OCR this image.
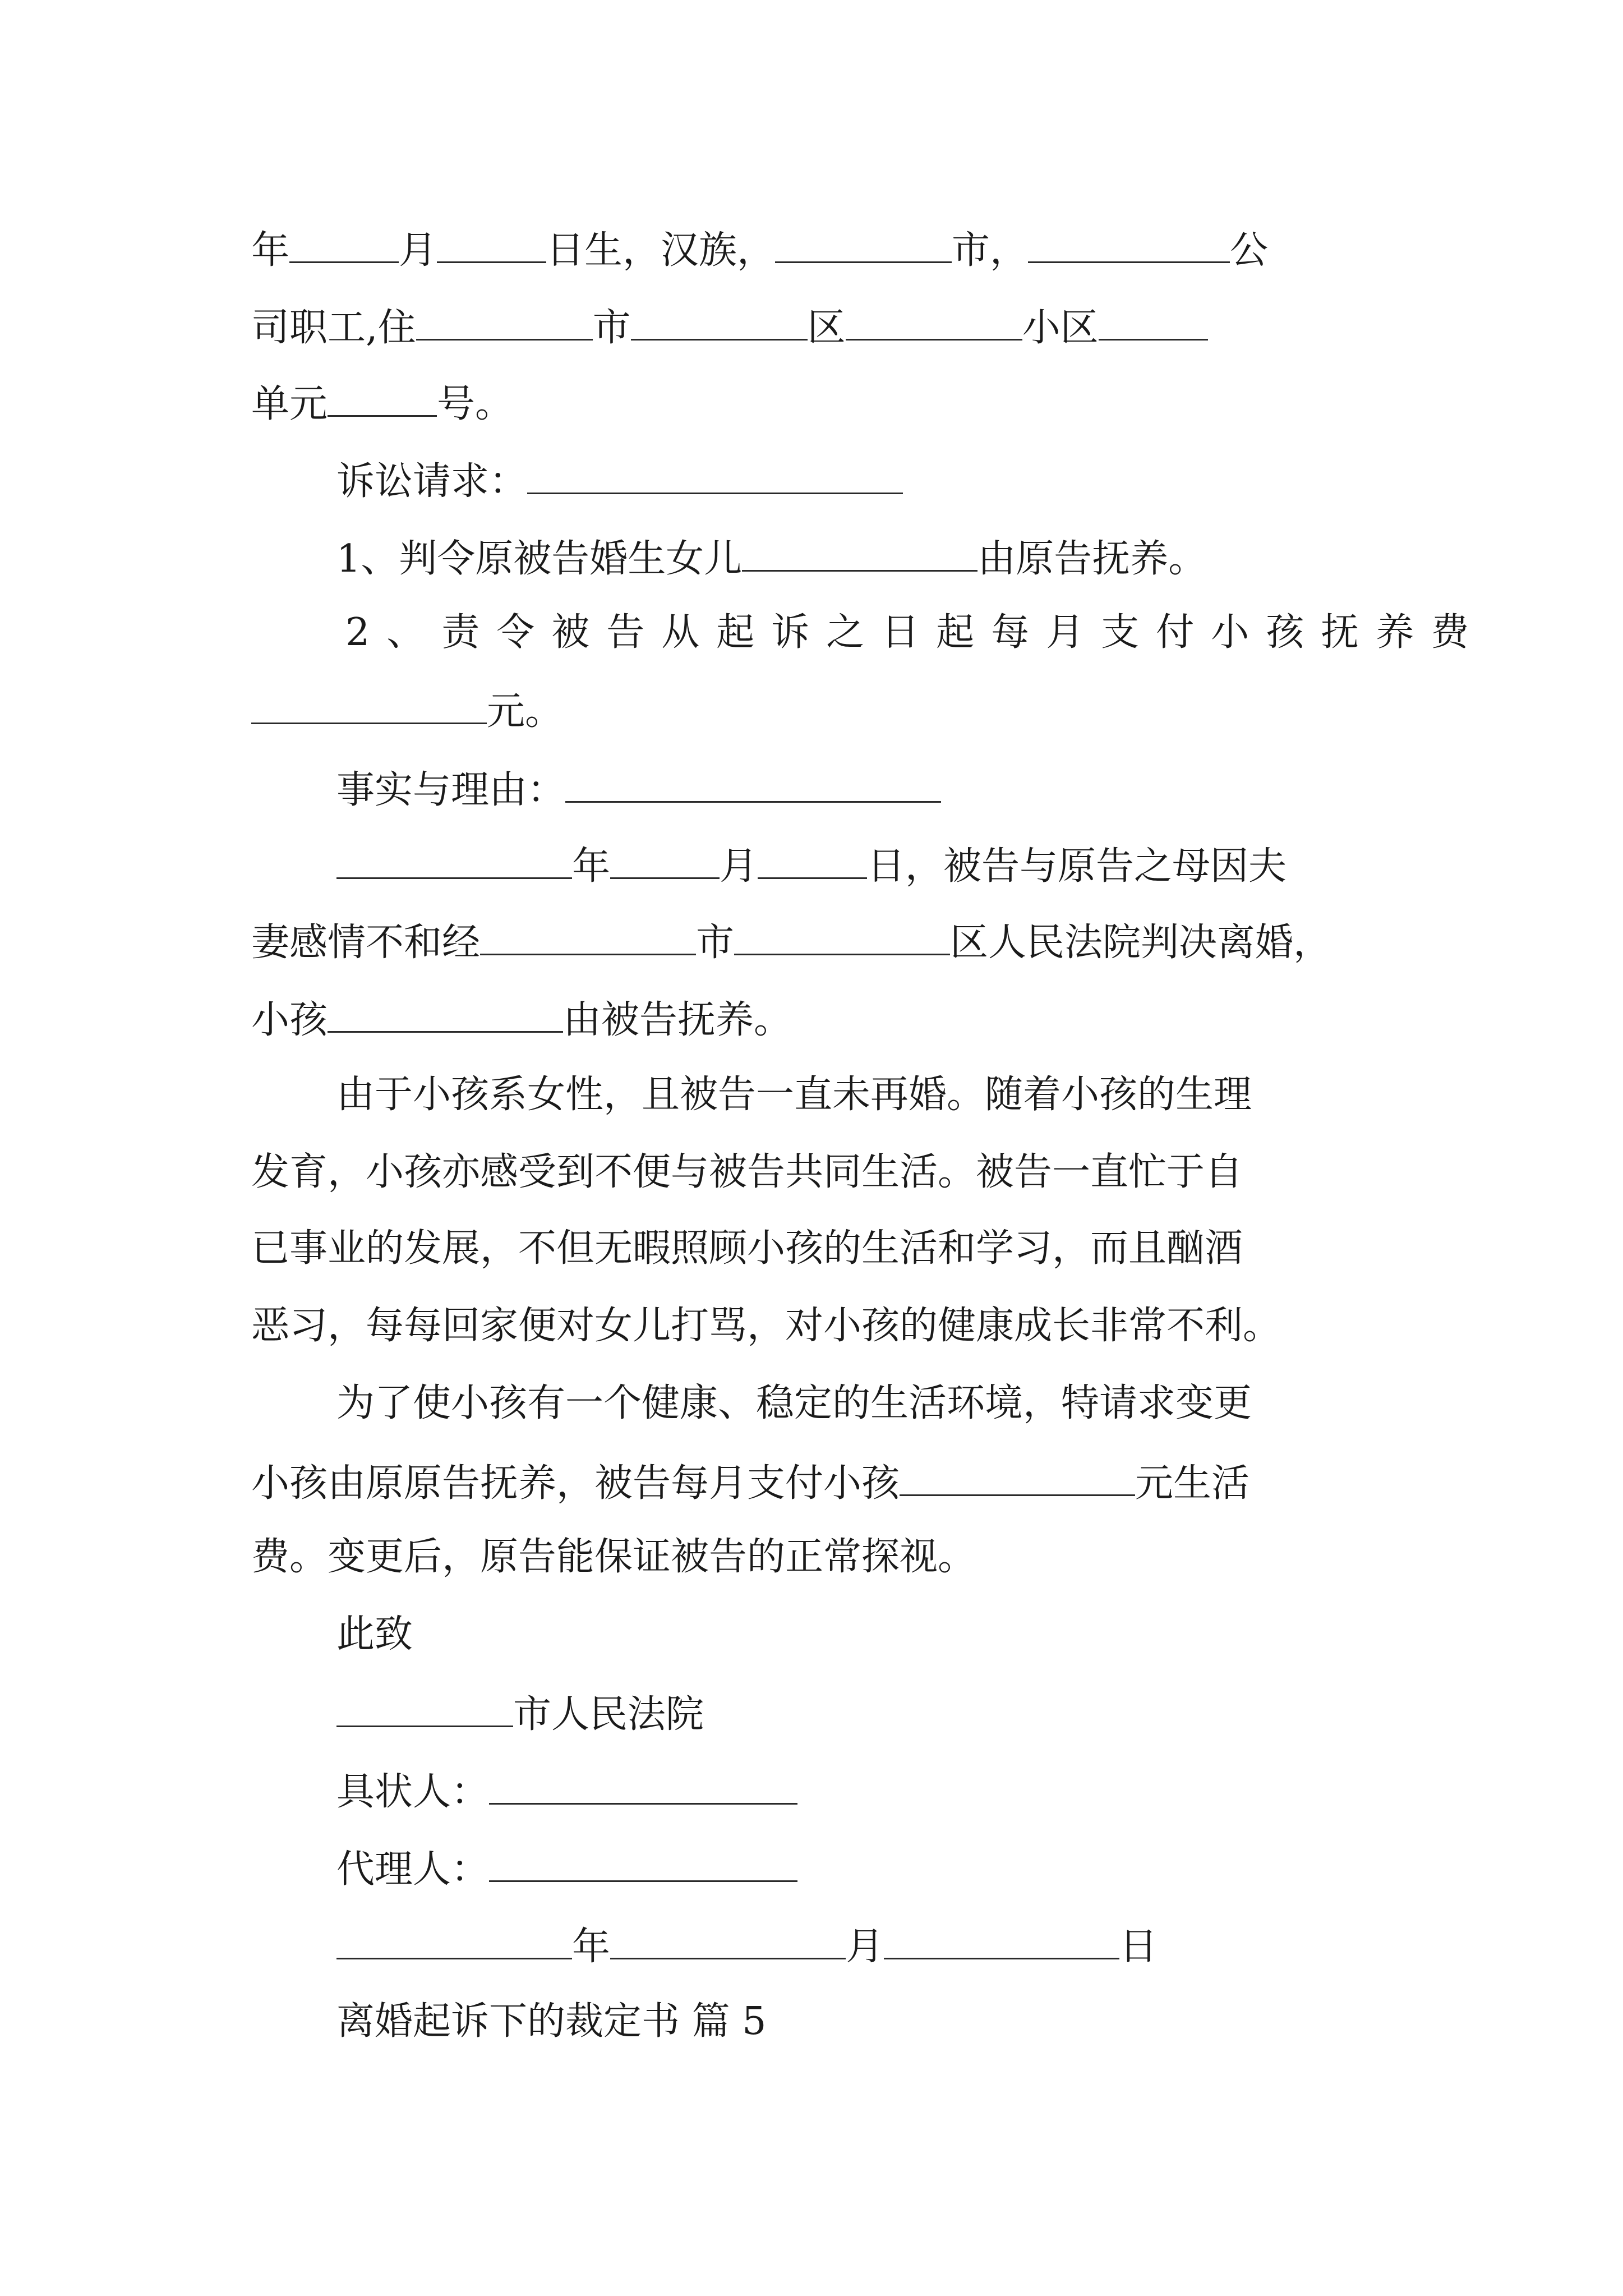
年	月	日生，汉族，	市，	公
司职工,住	市	区	小区
单元	号。
诉讼请求：
1、判令原被告婚生女儿	由原告抚养。
2、责令被告从起诉之日起每月支付小孩抚养费
元。
事实与理由：
年	月	日，被告与原告之母因夫
妻感情不和经	市	区人民法院判决离婚，
小孩	由被告抚养。
由于小孩系女性，且被告一直未再婚。随着小孩的生理
发育，小孩亦感受到不便与被告共同生活。被告一直忙于自
已事业的发展，不但无暇照顾小孩的生活和学习，而且酗酒
恶习，每每回家便对女儿打骂，对小孩的健康成长非常不利。
为了使小孩有一个健康、稳定的生活环境，特请求变更
小孩由原原告抚养，被告每月支付小孩	元生活
费。变更后，原告能保证被告的正常探视。
此致
市人民法院
具状人：
代理人：
年	月	日
离婚起诉下的裁定书 篇 5
